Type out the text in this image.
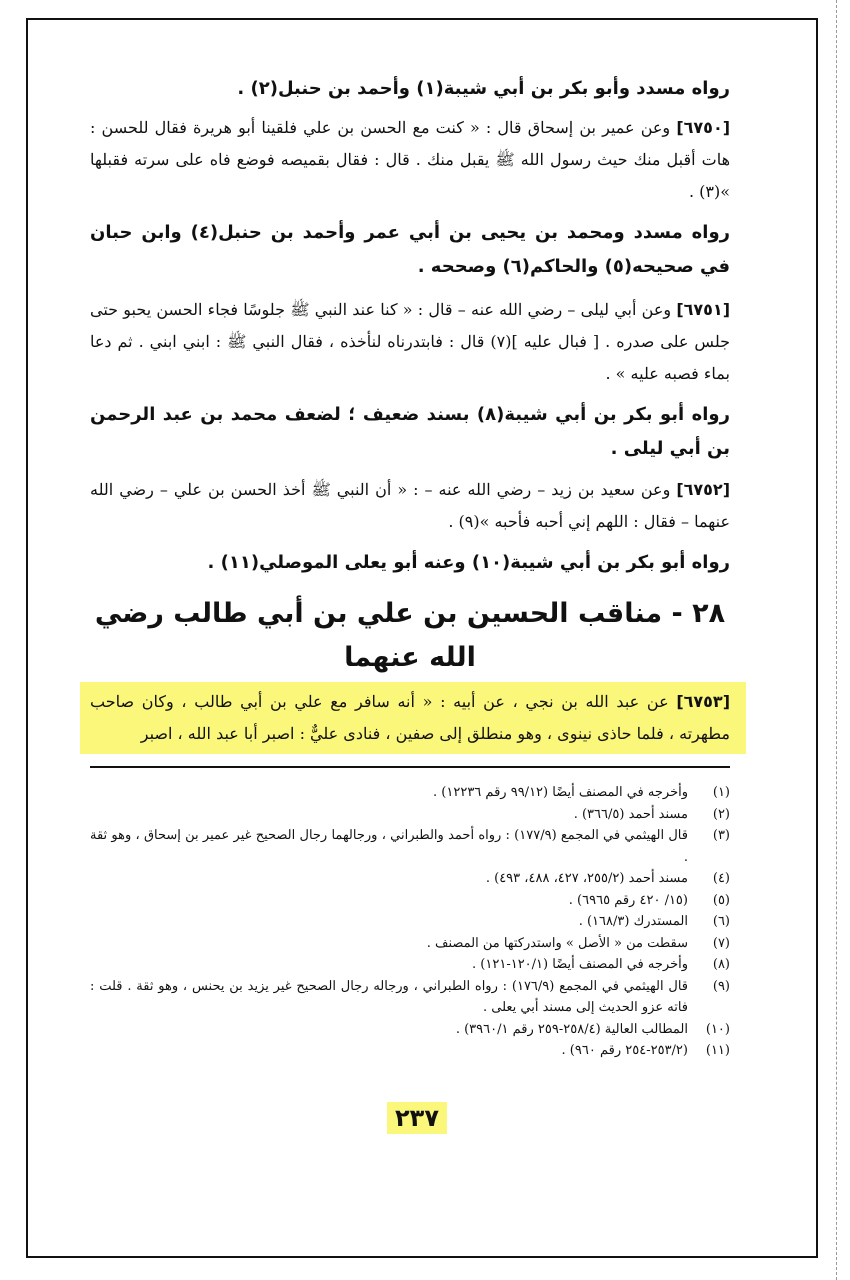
رواه مسدد وأبو بكر بن أبي شيبة(١) وأحمد بن حنبل(٢) .

[٦٧٥٠] وعن عمير بن إسحاق قال : « كنت مع الحسن بن علي فلقينا أبو هريرة فقال للحسن : هات أقبل منك حيث رسول الله ﷺ يقبل منك . قال : فقال بقميصه فوضع فاه على سرته فقبلها »(٣) .

رواه مسدد ومحمد بن يحيى بن أبي عمر وأحمد بن حنبل(٤) وابن حبان في صحيحه(٥) والحاكم(٦) وصححه .

[٦٧٥١] وعن أبي ليلى – رضي الله عنه – قال : « كنا عند النبي ﷺ جلوسًا فجاء الحسن يحبو حتى جلس على صدره . [ فبال عليه ](٧) قال : فابتدرناه لنأخذه ، فقال النبي ﷺ : ابني ابني . ثم دعا بماء فصبه عليه » .

رواه أبو بكر بن أبي شيبة(٨) بسند ضعيف ؛ لضعف محمد بن عبد الرحمن بن أبي ليلى .

[٦٧٥٢] وعن سعيد بن زيد – رضي الله عنه – : « أن النبي ﷺ أخذ الحسن بن علي – رضي الله عنهما – فقال : اللهم إني أحبه فأحبه »(٩) .

رواه أبو بكر بن أبي شيبة(١٠) وعنه أبو يعلى الموصلي(١١) .

٢٨ - مناقب الحسين بن علي بن أبي طالب رضي الله عنهما

[٦٧٥٣] عن عبد الله بن نجي ، عن أبيه : « أنه سافر مع علي بن أبي طالب ، وكان صاحب مطهرته ، فلما حاذى نينوى ، وهو منطلق إلى صفين ، فنادى عليٌّ : اصبر أبا عبد الله ، اصبر

(١)
وأخرجه في المصنف أيضًا (٩٩/١٢ رقم ١٢٢٣٦) .
(٢)
مسند أحمد (٣٦٦/٥) .
(٣)
قال الهيثمي في المجمع (١٧٧/٩) : رواه أحمد والطبراني ، ورجالهما رجال الصحيح غير عمير بن إسحاق ، وهو ثقة .
(٤)
مسند أحمد (٢٥٥/٢، ٤٢٧، ٤٨٨، ٤٩٣) .
(٥)
(١٥/ ٤٢٠ رقم ٦٩٦٥) .
(٦)
المستدرك (١٦٨/٣) .
(٧)
سقطت من « الأصل » واستدركتها من المصنف .
(٨)
وأخرجه في المصنف أيضًا (١٢٠/١-١٢١) .
(٩)
قال الهيثمي في المجمع (١٧٦/٩) : رواه الطبراني ، ورجاله رجال الصحيح غير يزيد بن يحنس ، وهو ثقة . قلت : فاته عزو الحديث إلى مسند أبي يعلى .
(١٠)
المطالب العالية (٢٥٨/٤-٢٥٩ رقم ٣٩٦٠/١) .
(١١)
(٢٥٣/٢-٢٥٤ رقم ٩٦٠) .
٢٣٧
